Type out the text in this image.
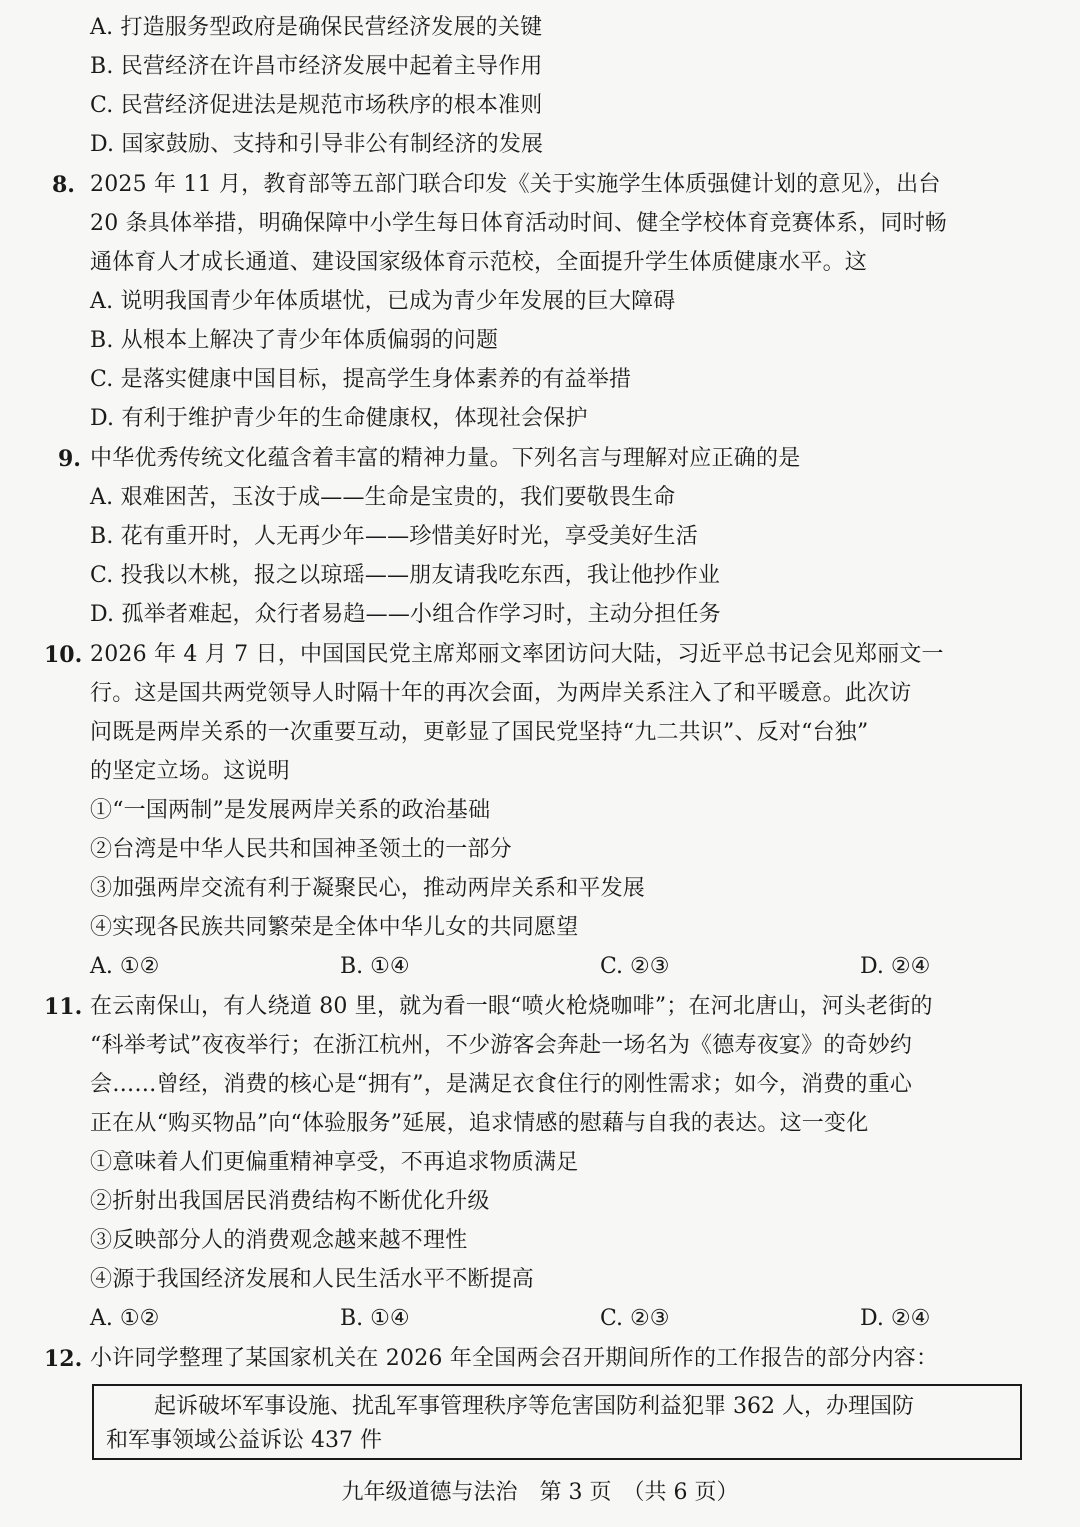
A. 打造服务型政府是确保民营经济发展的关键
B. 民营经济在许昌市经济发展中起着主导作用
C. 民营经济促进法是规范市场秩序的根本准则
D. 国家鼓励、支持和引导非公有制经济的发展
8. 2025 年 11 月，教育部等五部门联合印发《关于实施学生体质强健计划的意见》，出台
20 条具体举措，明确保障中小学生每日体育活动时间、健全学校体育竞赛体系，同时畅
通体育人才成长通道、建设国家级体育示范校，全面提升学生体质健康水平。这
A. 说明我国青少年体质堪忧，已成为青少年发展的巨大障碍
B. 从根本上解决了青少年体质偏弱的问题
C. 是落实健康中国目标，提高学生身体素养的有益举措
D. 有利于维护青少年的生命健康权，体现社会保护
9. 中华优秀传统文化蕴含着丰富的精神力量。下列名言与理解对应正确的是
A. 艰难困苦，玉汝于成——生命是宝贵的，我们要敬畏生命
B. 花有重开时，人无再少年——珍惜美好时光，享受美好生活
C. 投我以木桃，报之以琼瑶——朋友请我吃东西，我让他抄作业
D. 孤举者难起，众行者易趋——小组合作学习时，主动分担任务
10. 2026 年 4 月 7 日，中国国民党主席郑丽文率团访问大陆，习近平总书记会见郑丽文一
行。这是国共两党领导人时隔十年的再次会面，为两岸关系注入了和平暖意。此次访
问既是两岸关系的一次重要互动，更彰显了国民党坚持“九二共识”、反对“台独”
的坚定立场。这说明
①“一国两制”是发展两岸关系的政治基础
②台湾是中华人民共和国神圣领土的一部分
③加强两岸交流有利于凝聚民心，推动两岸关系和平发展
④实现各民族共同繁荣是全体中华儿女的共同愿望
A. ①②	B. ①④	C. ②③	D. ②④
11. 在云南保山，有人绕道 80 里，就为看一眼“喷火枪烧咖啡”；在河北唐山，河头老街的
“科举考试”夜夜举行；在浙江杭州，不少游客会奔赴一场名为《德寿夜宴》的奇妙约
会……曾经，消费的核心是“拥有”，是满足衣食住行的刚性需求；如今，消费的重心
正在从“购买物品”向“体验服务”延展，追求情感的慰藉与自我的表达。这一变化
①意味着人们更偏重精神享受，不再追求物质满足
②折射出我国居民消费结构不断优化升级
③反映部分人的消费观念越来越不理性
④源于我国经济发展和人民生活水平不断提高
A. ①②	B. ①④	C. ②③	D. ②④
12. 小许同学整理了某国家机关在 2026 年全国两会召开期间所作的工作报告的部分内容：
起诉破坏军事设施、扰乱军事管理秩序等危害国防利益犯罪 362 人，办理国防
和军事领域公益诉讼 437 件
九年级道德与法治　第 3 页　（共 6 页）
